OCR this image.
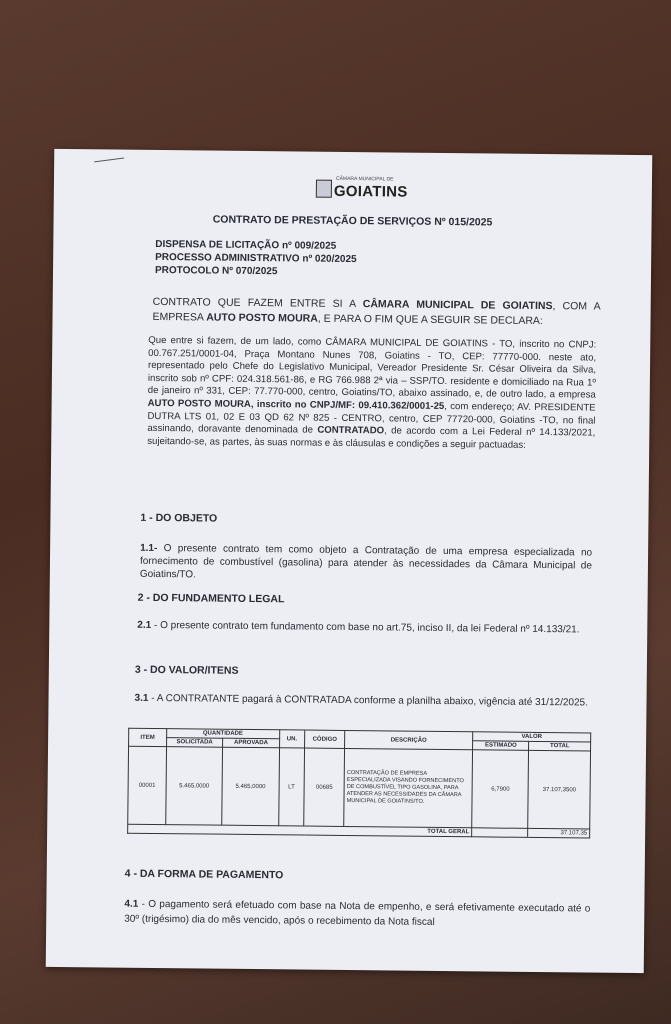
CÂMARA MUNICIPAL DE
GOIATINS
CONTRATO DE PRESTAÇÃO DE SERVIÇOS Nº 015/2025
DISPENSA DE LICITAÇÃO nº 009/2025
PROCESSO ADMINISTRATIVO nº 020/2025
PROTOCOLO Nº 070/2025
CONTRATO QUE FAZEM ENTRE SI A CÂMARA MUNICIPAL DE GOIATINS, COM A EMPRESA AUTO POSTO MOURA, E PARA O FIM QUE A SEGUIR SE DECLARA:
Que entre si fazem, de um lado, como CÂMARA MUNICIPAL DE GOIATINS - TO, inscrito no CNPJ: 00.767.251/0001-04, Praça Montano Nunes 708, Goiatins - TO, CEP: 77770-000. neste ato, representado pelo Chefe do Legislativo Municipal, Vereador Presidente Sr. César Oliveira da Silva, inscrito sob nº CPF: 024.318.561-86, e RG 766.988 2ª via – SSP/TO. residente e domiciliado na Rua 1º de janeiro nº 331, CEP: 77.770-000, centro, Goiatins/TO, abaixo assinado, e, de outro lado, a empresa AUTO POSTO MOURA, inscrito no CNPJ/MF: 09.410.362/0001-25, com endereço; AV. PRESIDENTE DUTRA LTS 01, 02 E 03 QD 62 Nº 825 - CENTRO, centro, CEP 77720-000, Goiatins -TO, no final assinando, doravante denominada de CONTRATADO, de acordo com a Lei Federal nº 14.133/2021, sujeitando-se, as partes, às suas normas e às cláusulas e condições a seguir pactuadas:
1 - DO OBJETO
1.1- O presente contrato tem como objeto a Contratação de uma empresa especializada no fornecimento de combustível (gasolina) para atender às necessidades da Câmara Municipal de Goiatins/TO.
2 - DO FUNDAMENTO LEGAL
2.1 - O presente contrato tem fundamento com base no art.75, inciso II, da lei Federal nº 14.133/21.
3 - DO VALOR/ITENS
3.1 - A CONTRATANTE pagará à CONTRATADA conforme a planilha abaixo, vigência até 31/12/2025.
ITEM	QUANTIDADE		UN.	CÓDIGO	DESCRIÇÃO	VALOR	
	SOLICITADA	APROVADA				ESTIMADO	TOTAL
00001	5.465,0000	5.465,0000	LT	00685	CONTRATAÇÃO DE EMPRESA ESPECIALIZADA VISANDO FORNECIMENTO DE COMBUSTÍVEL TIPO GASOLINA, PARA ATENDER AS NECESSIDADES DA CÂMARA MUNICIPAL DE GOIATINS/TO.	6,7900	37.107,3500
TOTAL GERAL							37.107,35
4 - DA FORMA DE PAGAMENTO
4.1 - O pagamento será efetuado com base na Nota de empenho, e será efetivamente executado até o 30º (trigésimo) dia do mês vencido, após o recebimento da Nota fiscal
